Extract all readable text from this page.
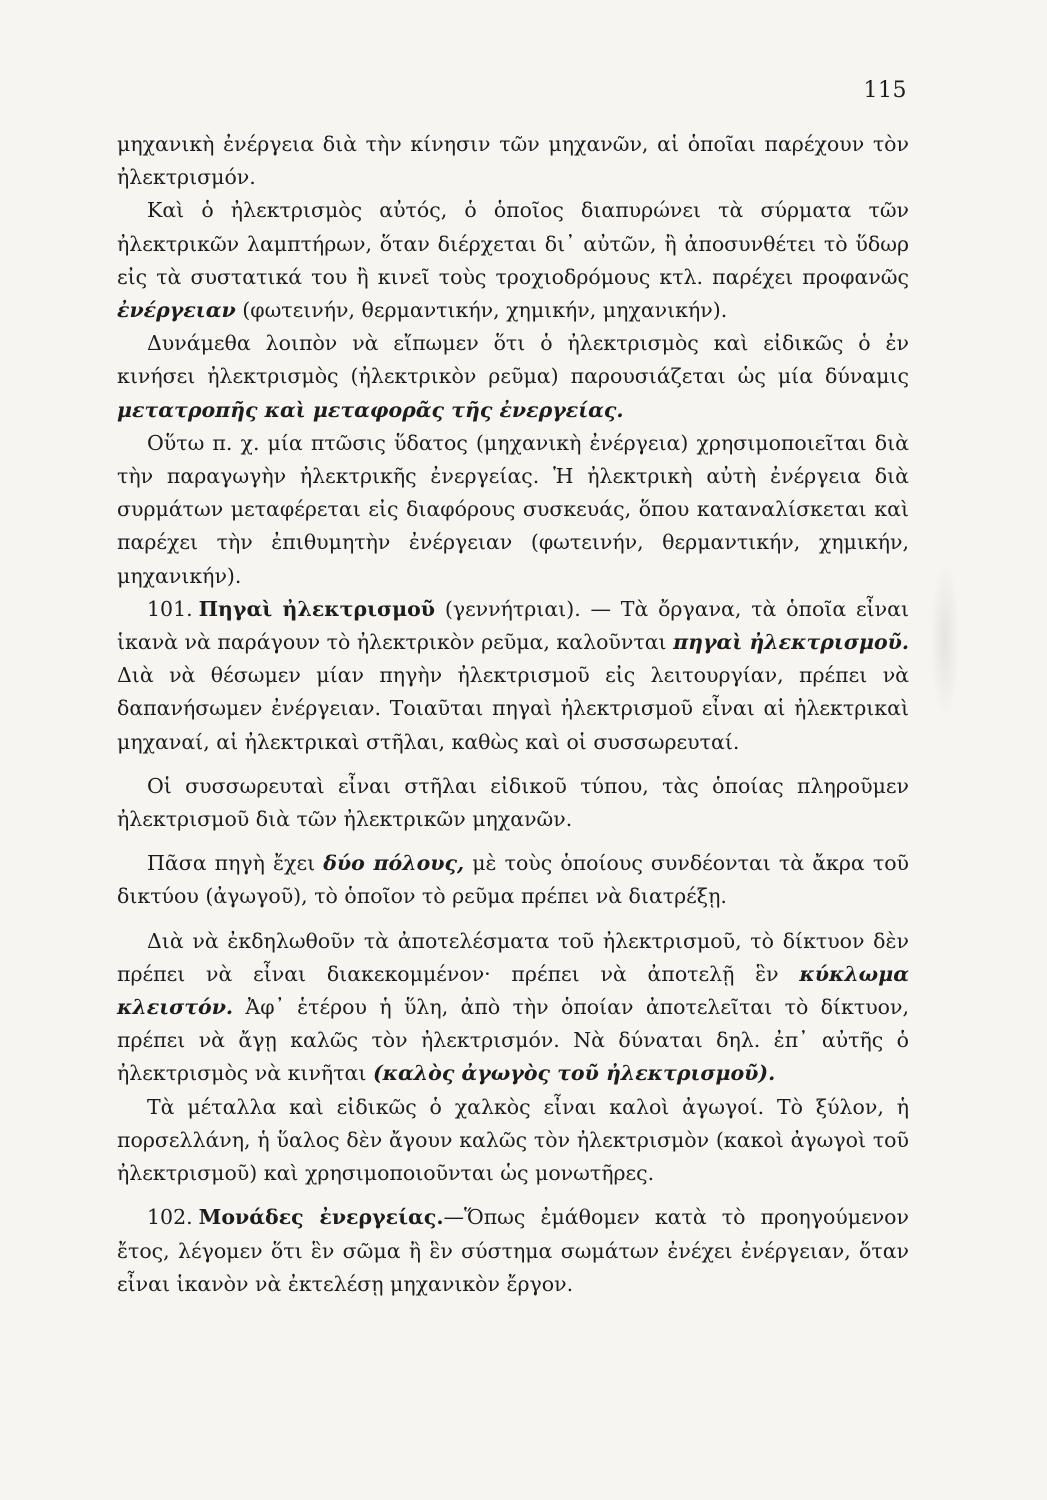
115

μηχανικὴ ἐνέργεια διὰ τὴν κίνησιν τῶν μηχανῶν, αἱ ὁποῖαι παρέχουν τὸν ἠλεκτρισμόν.

Καὶ ὁ ἠλεκτρισμὸς αὐτός, ὁ ὁποῖος διαπυρώνει τὰ σύρματα τῶν ἠλεκτρικῶν λαμπτήρων, ὅταν διέρχεται δι᾽ αὐτῶν, ἢ ἀποσυνθέτει τὸ ὕδωρ εἰς τὰ συστατικά του ἢ κινεῖ τοὺς τροχιοδρόμους κτλ. παρέχει προφανῶς ἐνέργειαν (φωτεινήν, θερμαντικήν, χημικήν, μηχανικήν).

Δυνάμεθα λοιπὸν νὰ εἴπωμεν ὅτι ὁ ἠλεκτρισμὸς καὶ εἰδικῶς ὁ ἐν κινήσει ἠλεκτρισμὸς (ἠλεκτρικὸν ρεῦμα) παρουσιάζεται ὡς μία δύναμις μετατροπῆς καὶ μεταφορᾶς τῆς ἐνεργείας.

Οὕτω π. χ. μία πτῶσις ὕδατος (μηχανικὴ ἐνέργεια) χρησιμοποιεῖται διὰ τὴν παραγωγὴν ἠλεκτρικῆς ἐνεργείας. Ἡ ἠλεκτρικὴ αὐτὴ ἐνέργεια διὰ συρμάτων μεταφέρεται εἰς διαφόρους συσκευάς, ὅπου καταναλίσκεται καὶ παρέχει τὴν ἐπιθυμητὴν ἐνέργειαν (φωτεινήν, θερμαντικήν, χημικήν, μηχανικήν).

101. Πηγαὶ ἠλεκτρισμοῦ (γεννήτριαι). — Τὰ ὄργανα, τὰ ὁποῖα εἶναι ἱκανὰ νὰ παράγουν τὸ ἠλεκτρικὸν ρεῦμα, καλοῦνται πηγαὶ ἠλεκτρισμοῦ. Διὰ νὰ θέσωμεν μίαν πηγὴν ἠλεκτρισμοῦ εἰς λειτουργίαν, πρέπει νὰ δαπανήσωμεν ἐνέργειαν. Τοιαῦται πηγαὶ ἠλεκτρισμοῦ εἶναι αἱ ἠλεκτρικαὶ μηχαναί, αἱ ἠλεκτρικαὶ στῆλαι, καθὼς καὶ οἱ συσσωρευταί.

Οἱ συσσωρευταὶ εἶναι στῆλαι εἰδικοῦ τύπου, τὰς ὁποίας πληροῦμεν ἠλεκτρισμοῦ διὰ τῶν ἠλεκτρικῶν μηχανῶν.

Πᾶσα πηγὴ ἔχει δύο πόλους, μὲ τοὺς ὁποίους συνδέονται τὰ ἄκρα τοῦ δικτύου (ἀγωγοῦ), τὸ ὁποῖον τὸ ρεῦμα πρέπει νὰ διατρέξῃ.

Διὰ νὰ ἐκδηλωθοῦν τὰ ἀποτελέσματα τοῦ ἠλεκτρισμοῦ, τὸ δίκτυον δὲν πρέπει νὰ εἶναι διακεκομμένον· πρέπει νὰ ἀποτελῇ ἓν κύκλωμα κλειστόν. Ἀφ᾽ ἑτέρου ἡ ὕλη, ἀπὸ τὴν ὁποίαν ἀποτελεῖται τὸ δίκτυον, πρέπει νὰ ἄγῃ καλῶς τὸν ἠλεκτρισμόν. Νὰ δύναται δηλ. ἐπ᾽ αὐτῆς ὁ ἠλεκτρισμὸς νὰ κινῆται (καλὸς ἀγωγὸς τοῦ ἠλεκτρισμοῦ).

Τὰ μέταλλα καὶ εἰδικῶς ὁ χαλκὸς εἶναι καλοὶ ἀγωγοί. Τὸ ξύλον, ἡ πορσελλάνη, ἡ ὕαλος δὲν ἄγουν καλῶς τὸν ἠλεκτρισμὸν (κακοὶ ἀγωγοὶ τοῦ ἠλεκτρισμοῦ) καὶ χρησιμοποιοῦνται ὡς μονωτῆρες.

102. Μονάδες ἐνεργείας.—Ὅπως ἐμάθομεν κατὰ τὸ προηγούμενον ἔτος, λέγομεν ὅτι ἓν σῶμα ἢ ἓν σύστημα σωμάτων ἐνέχει ἐνέργειαν, ὅταν εἶναι ἱκανὸν νὰ ἐκτελέσῃ μηχανικὸν ἔργον.
